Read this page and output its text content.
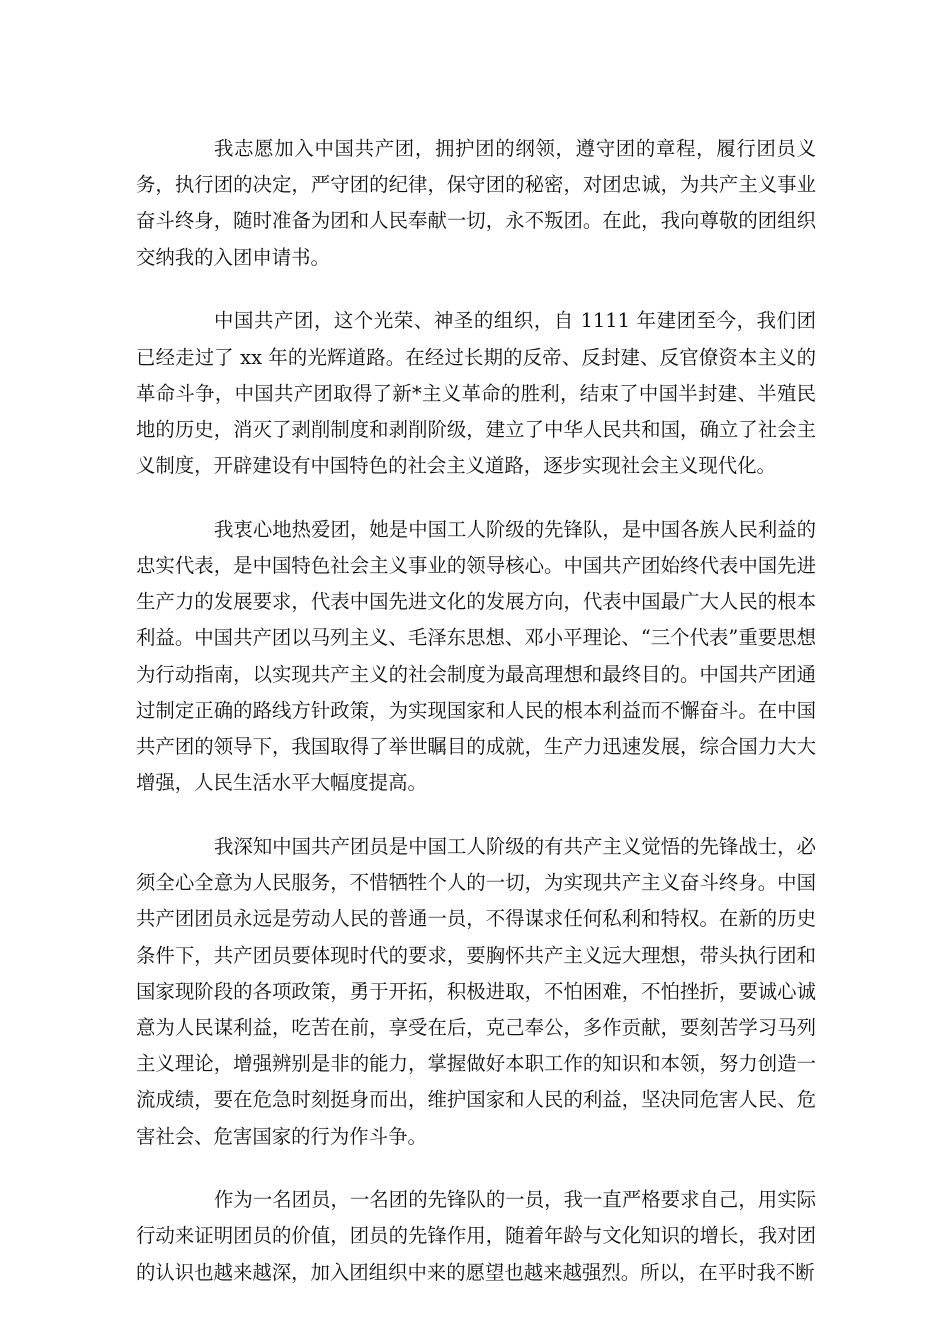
我志愿加入中国共产团，拥护团的纲领，遵守团的章程，履行团员义务，执行团的决定，严守团的纪律，保守团的秘密，对团忠诚，为共产主义事业奋斗终身，随时准备为团和人民奉献一切，永不叛团。在此，我向尊敬的团组织交纳我的入团申请书。

中国共产团，这个光荣、神圣的组织，自 1111 年建团至今，我们团已经走过了 xx 年的光辉道路。在经过长期的反帝、反封建、反官僚资本主义的革命斗争，中国共产团取得了新*主义革命的胜利，结束了中国半封建、半殖民地的历史，消灭了剥削制度和剥削阶级，建立了中华人民共和国，确立了社会主义制度，开辟建设有中国特色的社会主义道路，逐步实现社会主义现代化。

我衷心地热爱团，她是中国工人阶级的先锋队，是中国各族人民利益的忠实代表，是中国特色社会主义事业的领导核心。中国共产团始终代表中国先进生产力的发展要求，代表中国先进文化的发展方向，代表中国最广大人民的根本利益。中国共产团以马列主义、毛泽东思想、邓小平理论、“三个代表”重要思想为行动指南，以实现共产主义的社会制度为最高理想和最终目的。中国共产团通过制定正确的路线方针政策，为实现国家和人民的根本利益而不懈奋斗。在中国共产团的领导下，我国取得了举世瞩目的成就，生产力迅速发展，综合国力大大增强，人民生活水平大幅度提高。

我深知中国共产团员是中国工人阶级的有共产主义觉悟的先锋战士，必须全心全意为人民服务，不惜牺牲个人的一切，为实现共产主义奋斗终身。中国共产团团员永远是劳动人民的普通一员，不得谋求任何私利和特权。在新的历史条件下，共产团员要体现时代的要求，要胸怀共产主义远大理想，带头执行团和国家现阶段的各项政策，勇于开拓，积极进取，不怕困难，不怕挫折，要诚心诚意为人民谋利益，吃苦在前，享受在后，克己奉公，多作贡献，要刻苦学习马列主义理论，增强辨别是非的能力，掌握做好本职工作的知识和本领，努力创造一流成绩，要在危急时刻挺身而出，维护国家和人民的利益，坚决同危害人民、危害社会、危害国家的行为作斗争。

作为一名团员，一名团的先锋队的一员，我一直严格要求自己，用实际行动来证明团员的价值，团员的先锋作用，随着年龄与文化知识的增长，我对团的认识也越来越深，加入团组织中来的愿望也越来越强烈。所以，在平时我不断
